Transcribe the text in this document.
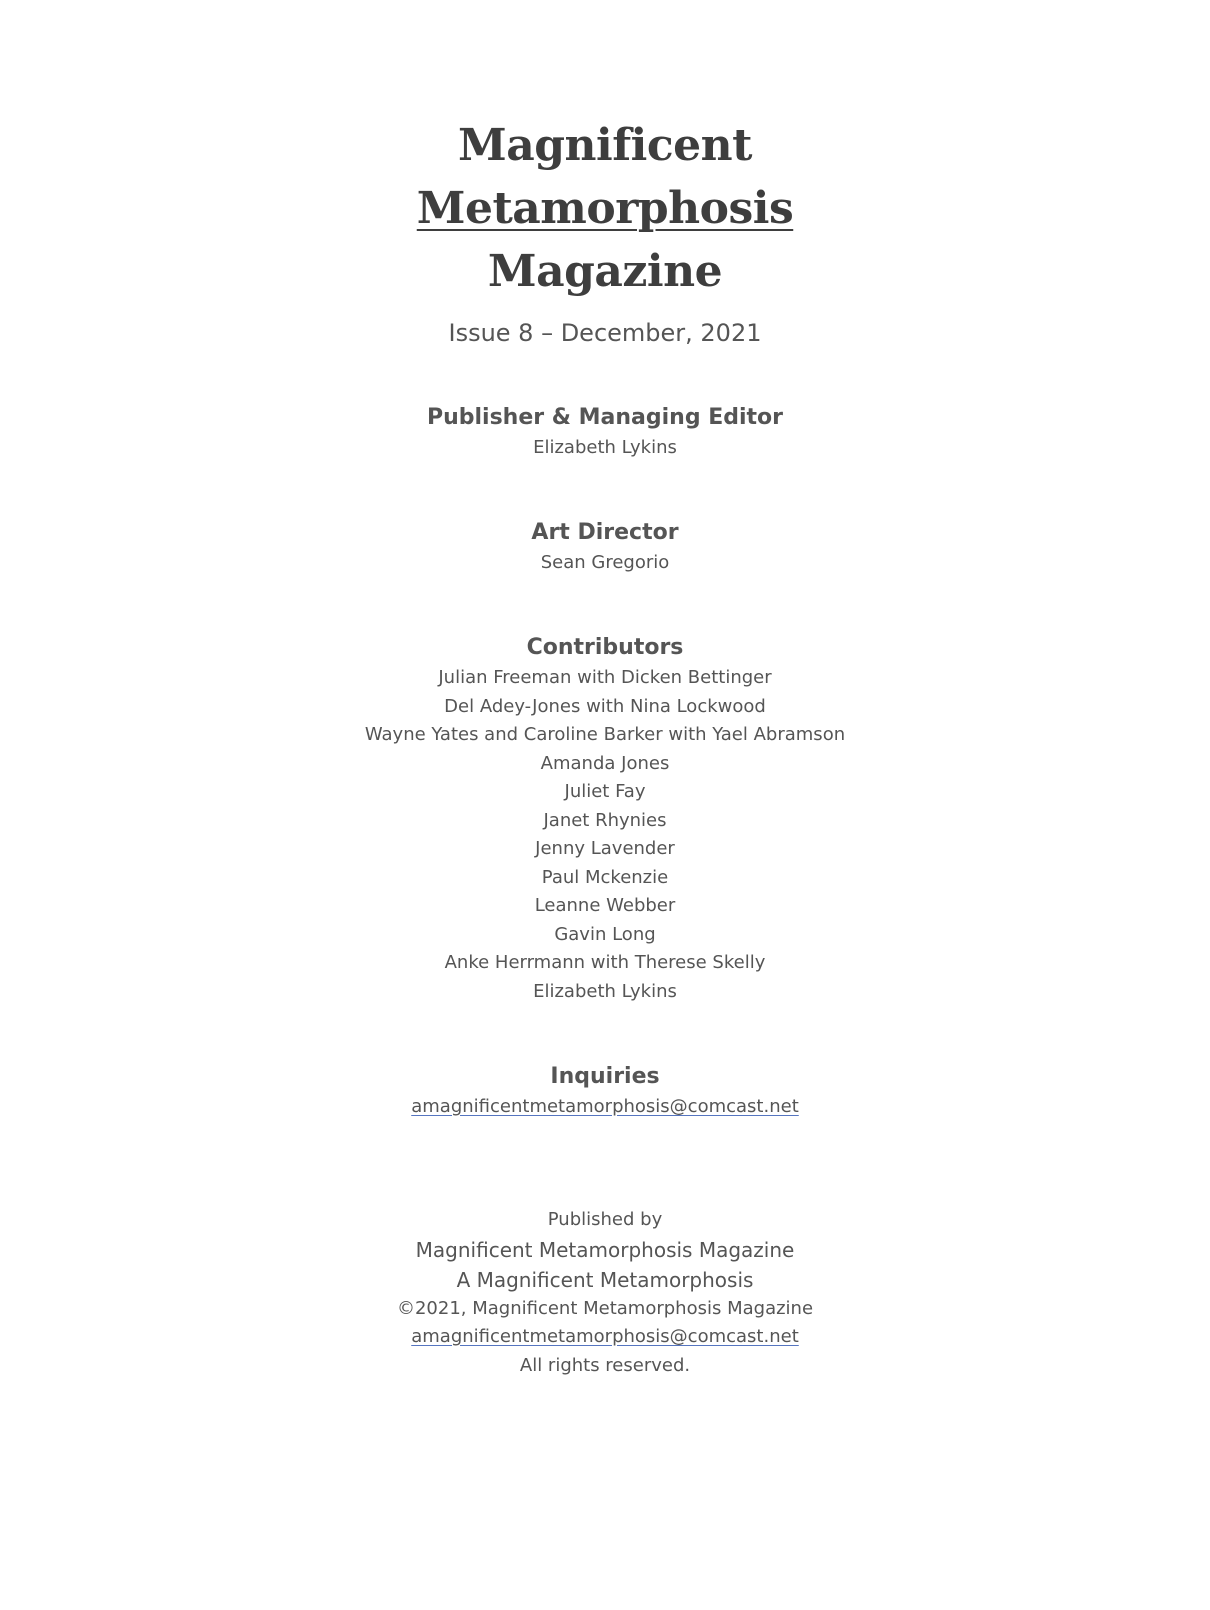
Magnificent
Metamorphosis
Magazine
Issue 8 – December, 2021
Publisher & Managing Editor
Elizabeth Lykins
Art Director
Sean Gregorio
Contributors
Julian Freeman with Dicken Bettinger
Del Adey-Jones with Nina Lockwood
Wayne Yates and Caroline Barker with Yael Abramson
Amanda Jones
Juliet Fay
Janet Rhynies
Jenny Lavender
Paul Mckenzie
Leanne Webber
Gavin Long
Anke Herrmann with Therese Skelly
Elizabeth Lykins
Inquiries
amagnificentmetamorphosis@comcast.net
Published by
Magnificent Metamorphosis Magazine
A Magnificent Metamorphosis
©2021, Magnificent Metamorphosis Magazine
amagnificentmetamorphosis@comcast.net
All rights reserved.
